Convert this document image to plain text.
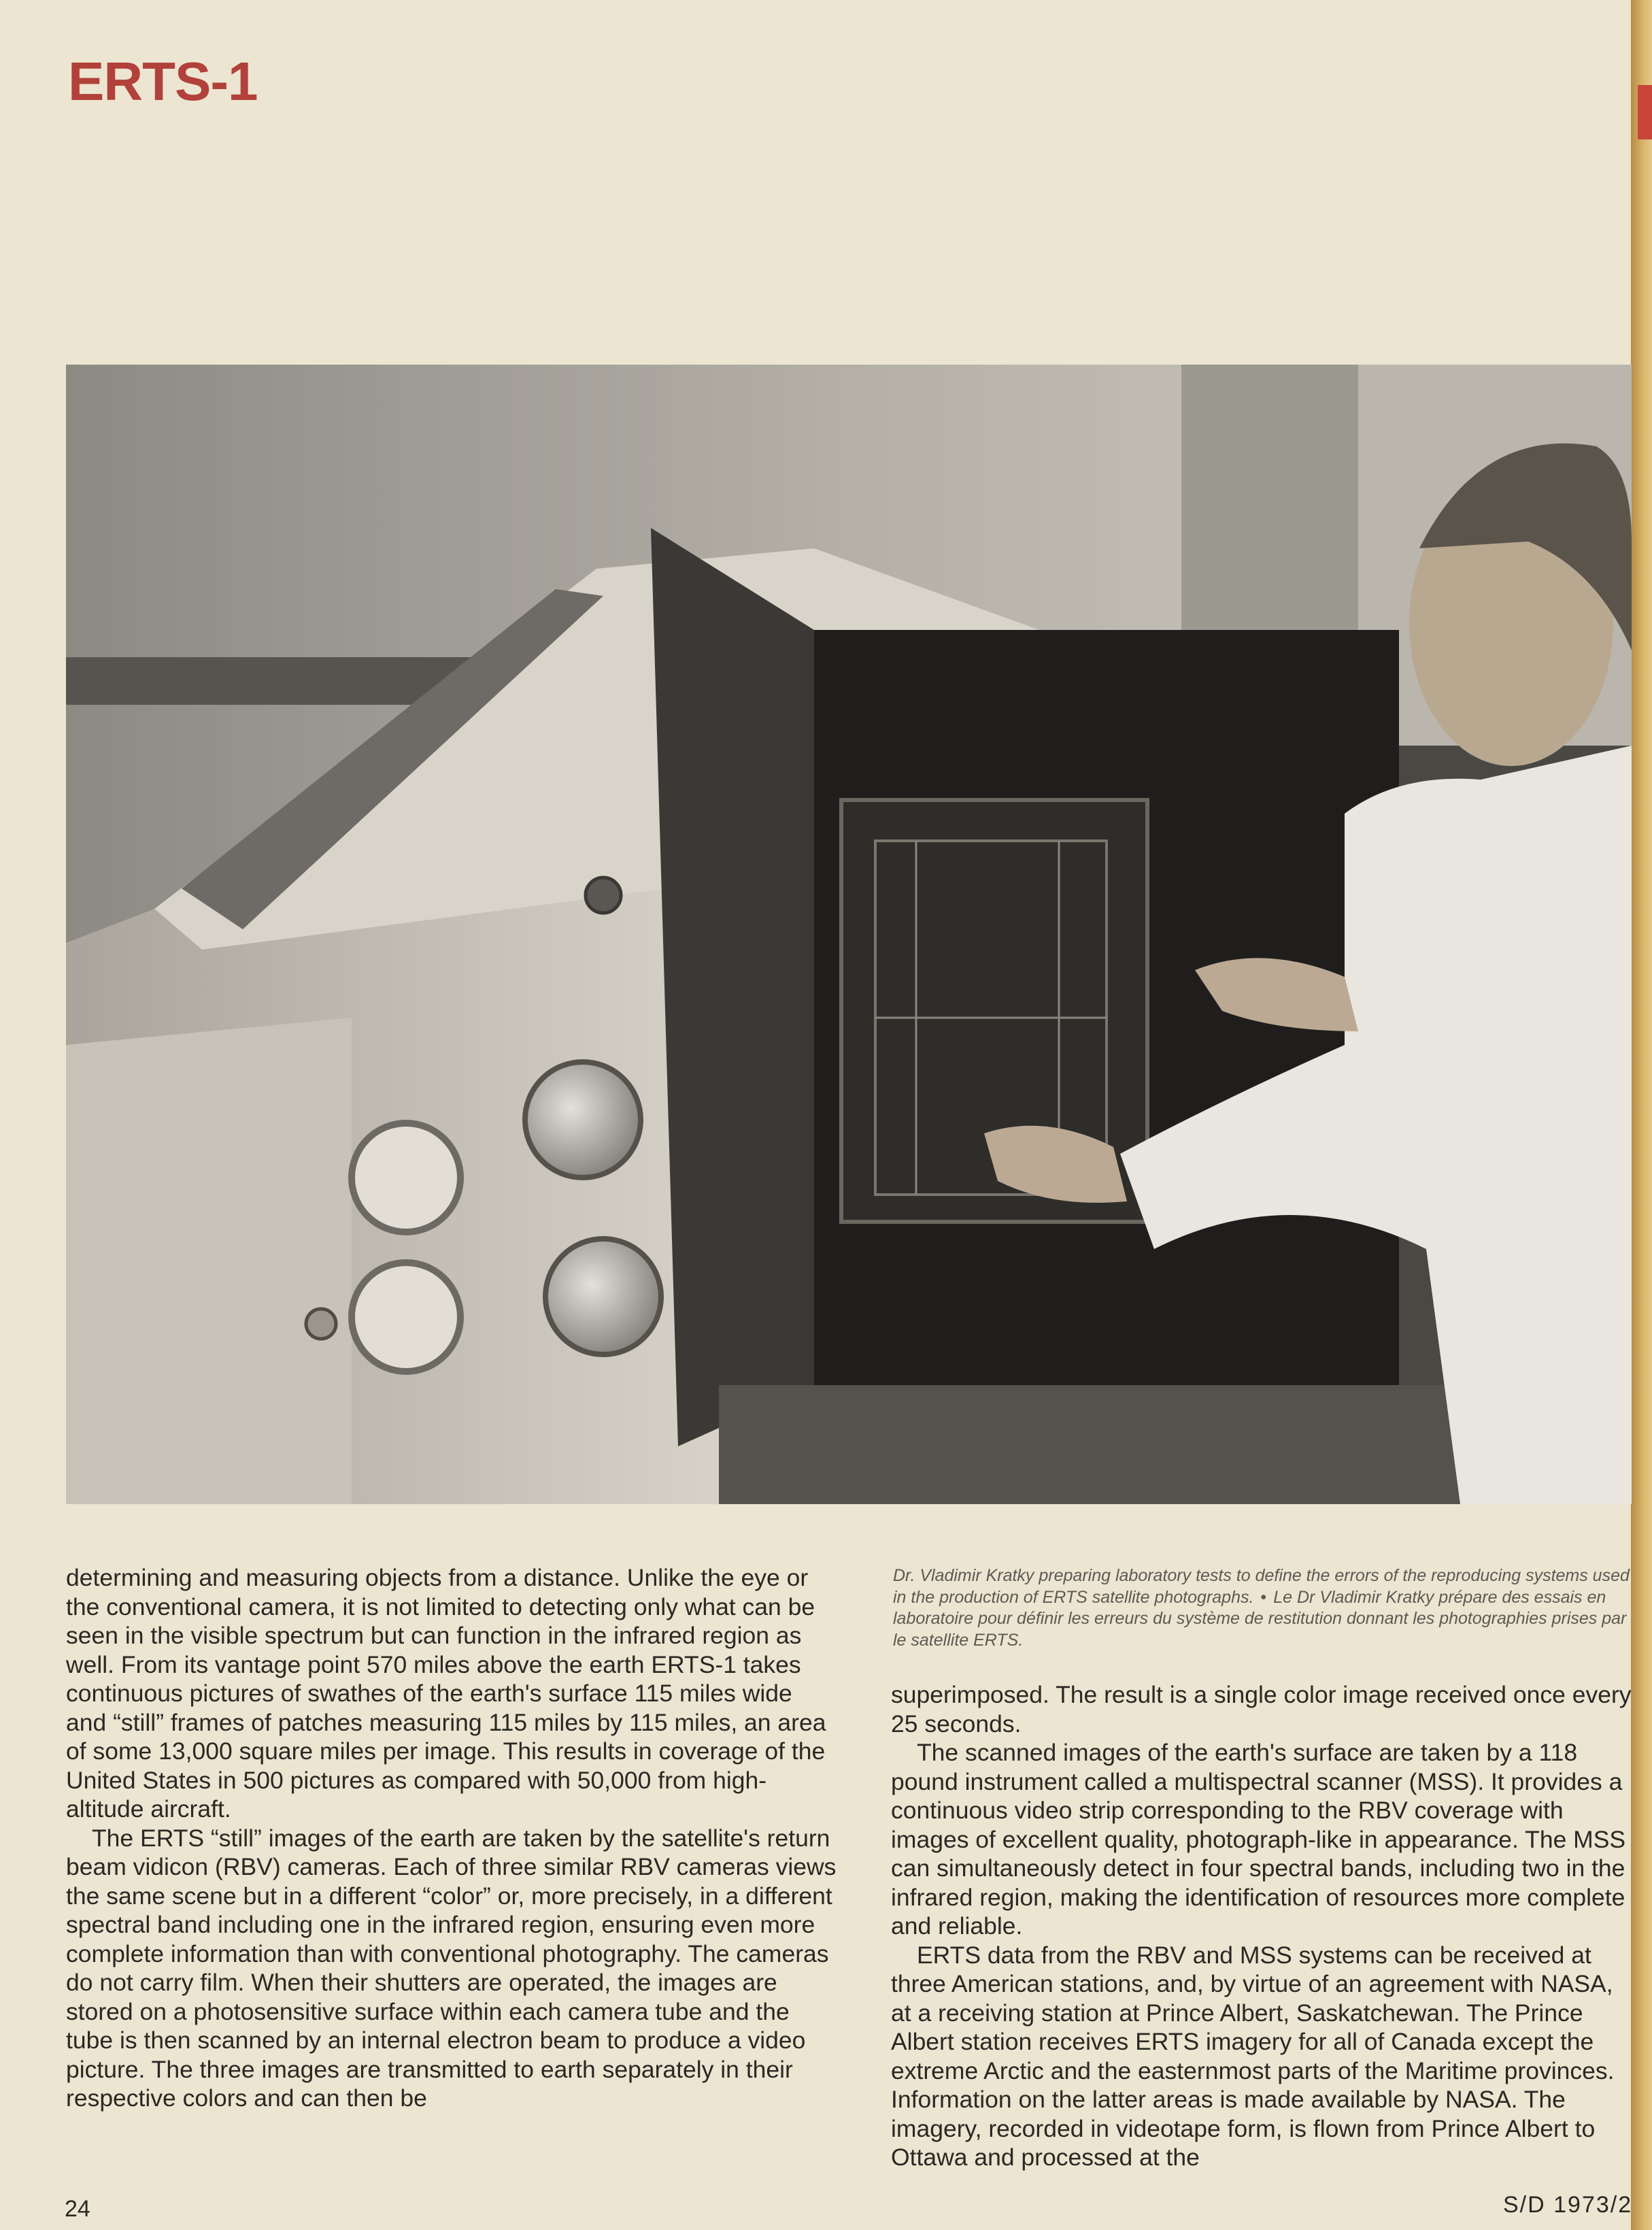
ERTS-1

determining and measuring objects from a distance. Unlike the eye or the conventional camera, it is not limited to detecting only what can be seen in the visible spectrum but can function in the infrared region as well. From its vantage point 570 miles above the earth ERTS-1 takes continuous pictures of swathes of the earth's surface 115 miles wide and “still” frames of patches measuring 115 miles by 115 miles, an area of some 13,000 square miles per image. This results in coverage of the United States in 500 pictures as compared with 50,000 from high-altitude aircraft.

The ERTS “still” images of the earth are taken by the satellite's return beam vidicon (RBV) cameras. Each of three similar RBV cameras views the same scene but in a different “color” or, more precisely, in a different spectral band including one in the infrared region, ensuring even more complete information than with conventional photography. The cameras do not carry film. When their shutters are operated, the images are stored on a photosensitive surface within each camera tube and the tube is then scanned by an internal electron beam to produce a video picture. The three images are transmitted to earth separately in their respective colors and can then be

Dr. Vladimir Kratky preparing laboratory tests to define the errors of the reproducing systems used in the production of ERTS satellite photographs. • Le Dr Vladimir Kratky prépare des essais en laboratoire pour définir les erreurs du système de restitution donnant les photographies prises par le satellite ERTS.

superimposed. The result is a single color image received once every 25 seconds.

The scanned images of the earth's surface are taken by a 118 pound instrument called a multispectral scanner (MSS). It provides a continuous video strip corresponding to the RBV coverage with images of excellent quality, photograph-like in appearance. The MSS can simultaneously detect in four spectral bands, including two in the infrared region, making the identification of resources more complete and reliable.

ERTS data from the RBV and MSS systems can be received at three American stations, and, by virtue of an agreement with NASA, at a receiving station at Prince Albert, Saskatchewan. The Prince Albert station receives ERTS imagery for all of Canada except the extreme Arctic and the easternmost parts of the Maritime provinces. Information on the latter areas is made available by NASA. The imagery, recorded in videotape form, is flown from Prince Albert to Ottawa and processed at the

24	S/D 1973/2
